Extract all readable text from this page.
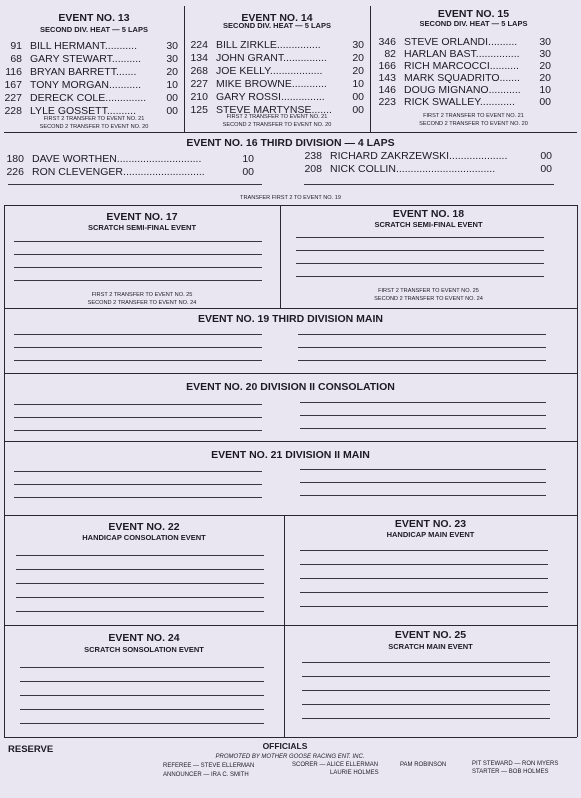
EVENT NO. 13
SECOND DIV. HEAT — 5 LAPS
91 BILL HERMANT...........	30
68 GARY STEWART..........	30
116 BRYAN BARRETT.......	20
167 TONY MORGAN...........	10
227 DERECK COLE..............	00
228 LYLE GOSSETT..........	00
FIRST 2 TRANSFER TO EVENT NO. 21
SECOND 2 TRANSFER TO EVENT NO. 20
EVENT NO. 14
SECOND DIV. HEAT — 5 LAPS
224 BILL ZIRKLE...............	30
134 JOHN GRANT...............	20
268 JOE KELLY..................	20
227 MIKE BROWNE............	10
210 GARY ROSSI...............	00
125 STEVE MARTYNSE.......	00
FIRST 2 TRANSFER TO EVENT NO. 21
SECOND 2 TRANSFER TO EVENT NO. 20
EVENT NO. 15
SECOND DIV. HEAT — 5 LAPS
346 STEVE ORLANDI..........	30
82 HARLAN BAST...............	30
166 RICH MARCOCCI..........	20
143 MARK SQUADRITO.......	20
146 DOUG MIGNANO...........	10
223 RICK SWALLEY............	00
FIRST 2 TRANSFER TO EVENT NO. 21
SECOND 2 TRANSFER TO EVENT NO. 20
EVENT NO. 16 THIRD DIVISION — 4 LAPS
180 DAVE WORTHEN.............................	10
226 RON CLEVENGER............................	00
238 RICHARD ZAKRZEWSKI....................	00
208 NICK COLLIN..................................	00
TRANSFER FIRST 2 TO EVENT NO. 19
EVENT NO. 17
SCRATCH SEMI-FINAL EVENT
FIRST 2 TRANSFER TO EVENT NO. 25
SECOND 2 TRANSFER TO EVENT NO. 24
EVENT NO. 18
SCRATCH SEMI-FINAL EVENT
FIRST 2 TRANSFER TO EVENT NO. 25
SECOND 2 TRANSFER TO EVENT NO. 24
EVENT NO. 19 THIRD DIVISION MAIN
EVENT NO. 20 DIVISION II CONSOLATION
EVENT NO. 21 DIVISION II MAIN
EVENT NO. 22
HANDICAP CONSOLATION EVENT
EVENT NO. 23
HANDICAP MAIN EVENT
EVENT NO. 24
SCRATCH SONSOLATION EVENT
EVENT NO. 25
SCRATCH MAIN EVENT
RESERVE	OFFICIALS
PROMOTED BY MOTHER GOOSE RACING ENT. INC.
REFEREE — STEVE ELLERMAN
ANNOUNCER — IRA C. SMITH
SCORER — ALICE ELLERMAN
LAURIE HOLMES
PAM ROBINSON	PIT STEWARD — RON MYERS
STARTER — BOB HOLMES
